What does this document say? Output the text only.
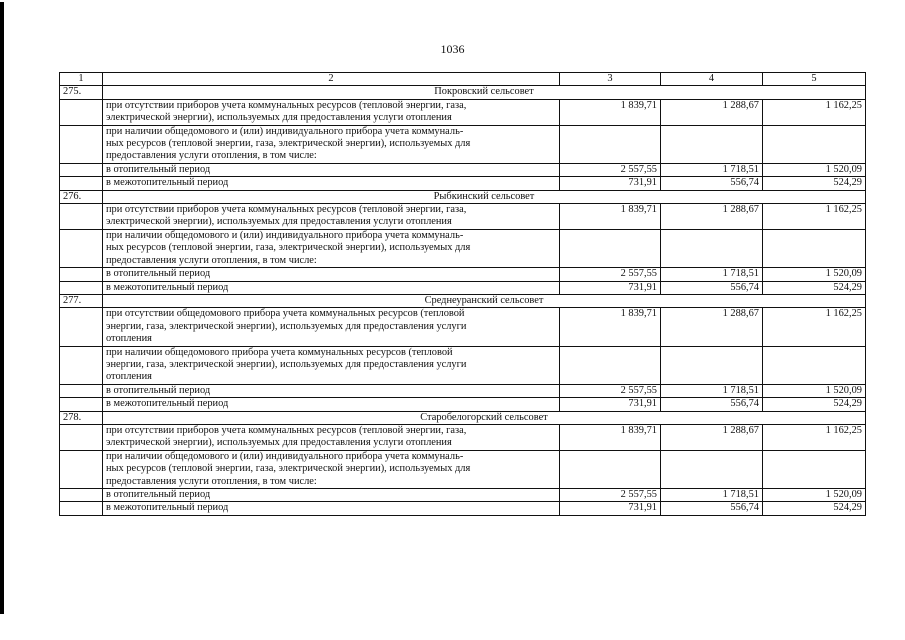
1036
1	2	3	4	5
275.	Покровский сельсовет			

	при отсутствии приборов учета коммунальных ресурсов (тепловой энергии, газа,
электрической энергии), используемых для предоставления услуги отопления	1 839,71	1 288,67	1 162,25

	при наличии общедомового и (или) индивидуального прибора учета коммуналь-
ных ресурсов (тепловой энергии, газа, электрической энергии), используемых для
предоставления услуги отопления, в том числе:			

	в отопительный период	2 557,55	1 718,51	1 520,09

	в межотопительный период	731,91	556,74	524,29
276.	Рыбкинский сельсовет			

	при отсутствии приборов учета коммунальных ресурсов (тепловой энергии, газа,
электрической энергии), используемых для предоставления услуги отопления	1 839,71	1 288,67	1 162,25

	при наличии общедомового и (или) индивидуального прибора учета коммуналь-
ных ресурсов (тепловой энергии, газа, электрической энергии), используемых для
предоставления услуги отопления, в том числе:			

	в отопительный период	2 557,55	1 718,51	1 520,09

	в межотопительный период	731,91	556,74	524,29
277.	Среднеуранский сельсовет			

	при отсутствии общедомового прибора учета коммунальных ресурсов (тепловой
энергии, газа, электрической энергии), используемых для предоставления услуги
отопления	1 839,71	1 288,67	1 162,25

	при наличии общедомового прибора учета коммунальных ресурсов (тепловой
энергии, газа, электрической энергии), используемых для предоставления услуги
отопления			

	в отопительный период	2 557,55	1 718,51	1 520,09

	в межотопительный период	731,91	556,74	524,29
278.	Старобелогорский сельсовет			

	при отсутствии приборов учета коммунальных ресурсов (тепловой энергии, газа,
электрической энергии), используемых для предоставления услуги отопления	1 839,71	1 288,67	1 162,25

	при наличии общедомового и (или) индивидуального прибора учета коммуналь-
ных ресурсов (тепловой энергии, газа, электрической энергии), используемых для
предоставления услуги отопления, в том числе:			

	в отопительный период	2 557,55	1 718,51	1 520,09

	в межотопительный период	731,91	556,74	524,29
